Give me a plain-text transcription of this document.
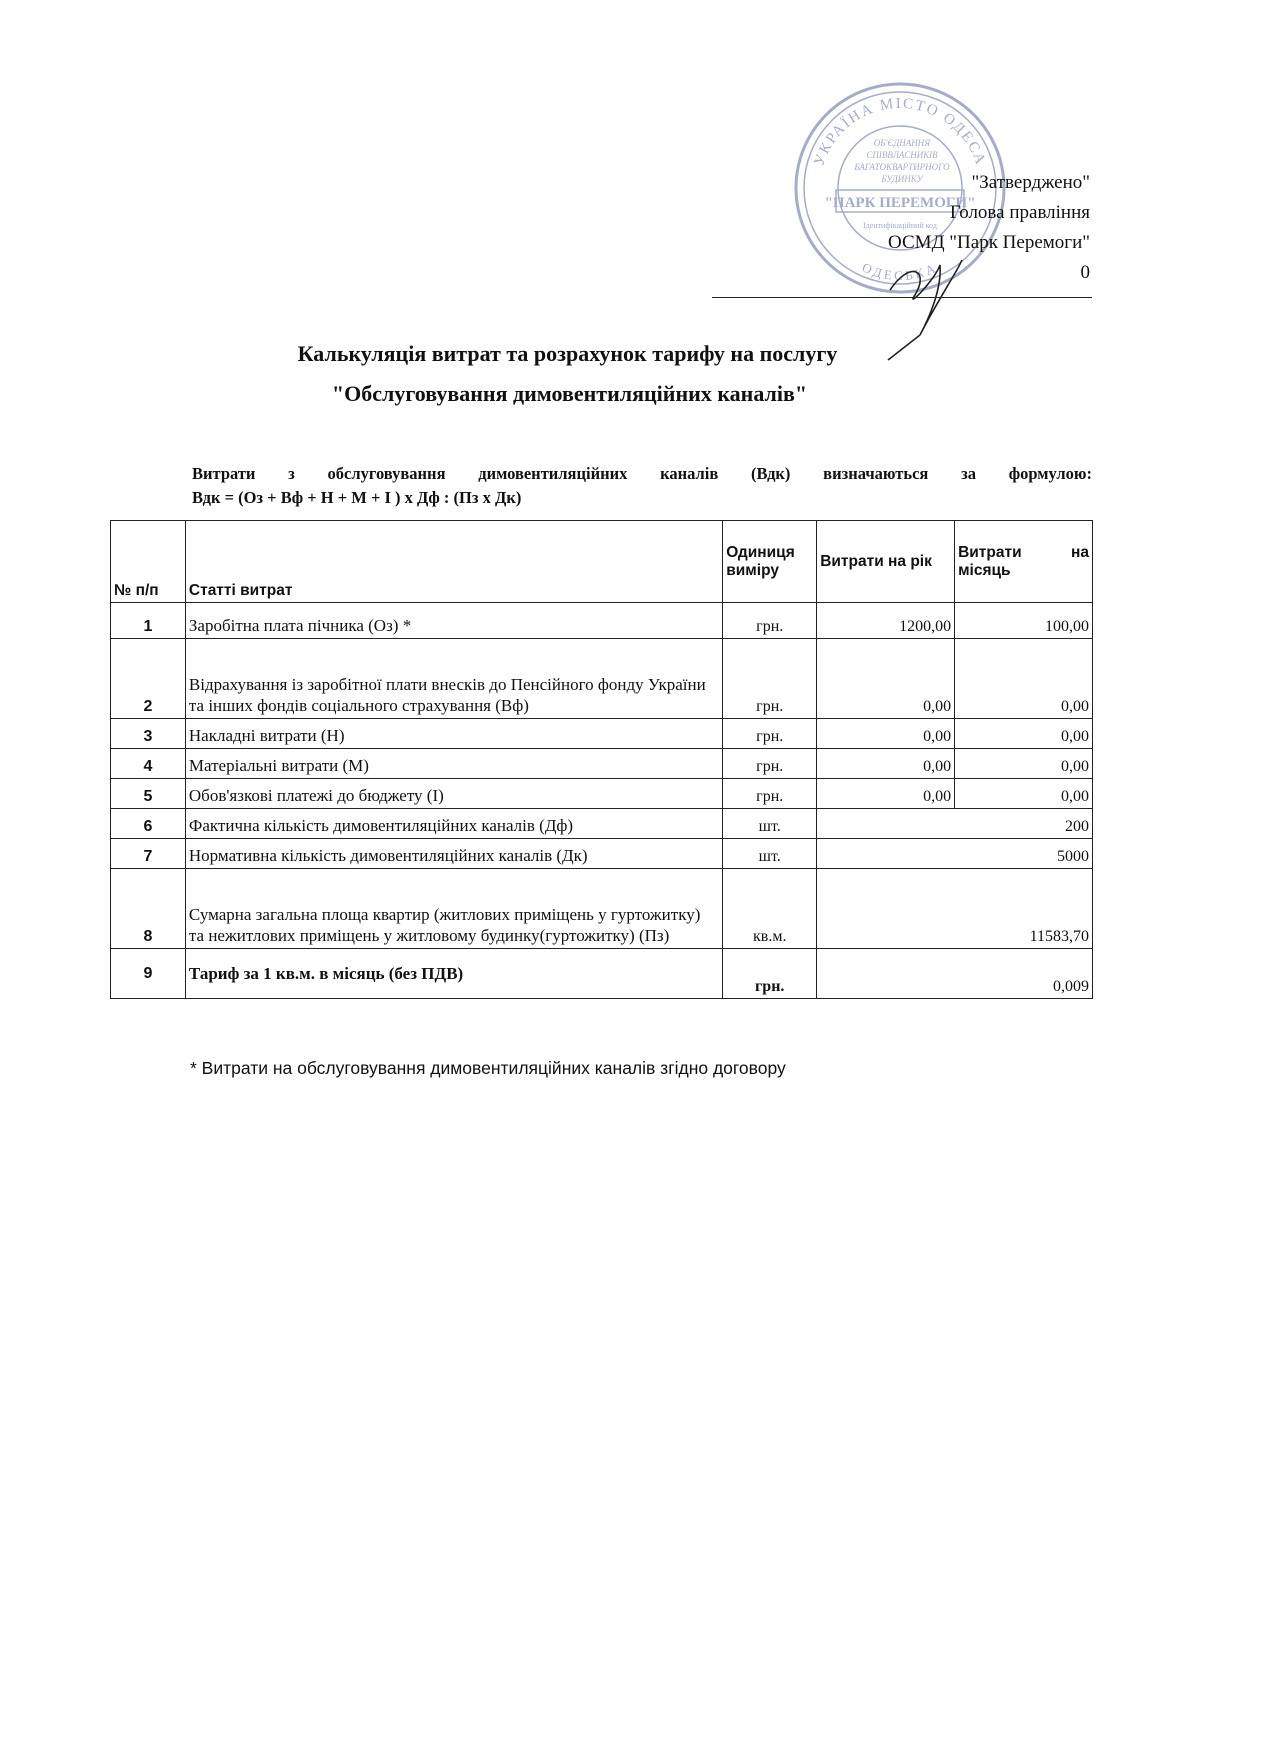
УКРАЇНА МІСТО ОДЕСА
ОДЕСЬКА
ОБ'ЄДНАННЯ
СПІВВЛАСНИКІВ
БАГАТОКВАРТИРНОГО
БУДИНКУ
"ПАРК ПЕРЕМОГИ"
Ідентифікаційний код
"Затверджено"
Голова правління
ОСМД "Парк Перемоги"
0
Калькуляція витрат та розрахунок тарифу на послугу
"Обслуговування димовентиляційних каналів"
Витрати з обслуговування димовентиляційних каналів (Вдк) визначаються за формулою:
Вдк = (Оз + Вф + Н + М + І ) х Дф : (Пз х Дк)
№ п/п	Статті витрат	Одиниця виміру	Витрати на рік	Витрати на місяць
1	Заробітна плата пічника (Оз) *	грн.	1200,00	100,00
2	Відрахування із заробітної плати внесків до Пенсійного фонду України та інших фондів соціального страхування (Вф)	грн.	0,00	0,00
3	Накладні витрати (Н)	грн.	0,00	0,00
4	Матеріальні витрати (М)	грн.	0,00	0,00
5	Обов'язкові платежі до бюджету (І)	грн.	0,00	0,00
6	Фактична кількість димовентиляційних каналів (Дф)	шт.	200	
7	Нормативна кількість димовентиляційних каналів (Дк)	шт.	5000	
8	Сумарна загальна площа квартир (житлових приміщень у гуртожитку) та нежитлових приміщень у житловому будинку(гуртожитку) (Пз)	кв.м.	11583,70	
9	Тариф за 1 кв.м. в місяць (без ПДВ)	грн.	0,009	
* Витрати на обслуговування димовентиляційних каналів згідно договору
